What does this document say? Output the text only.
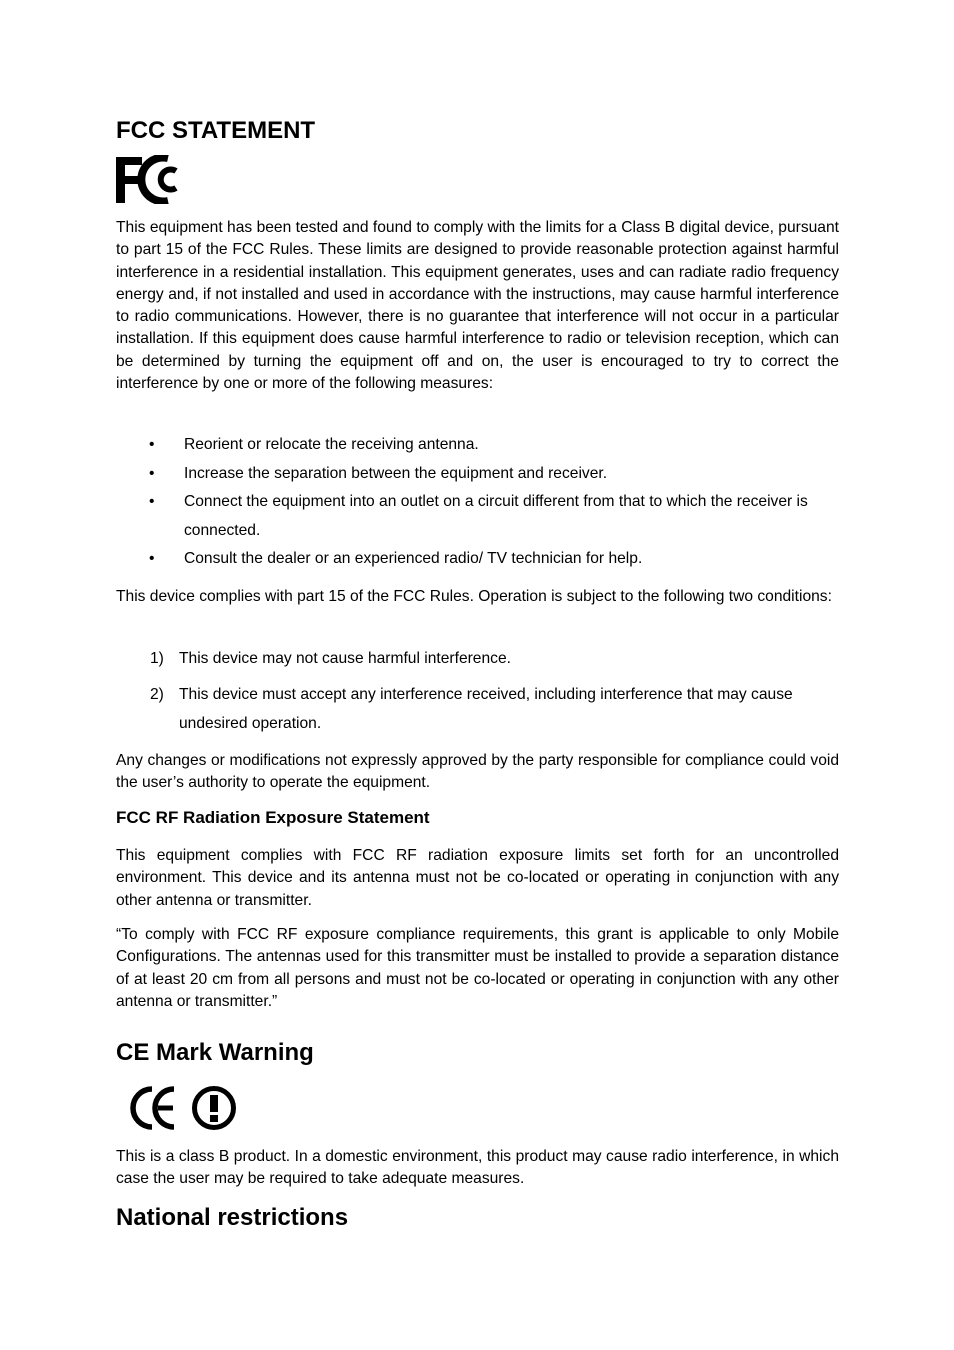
FCC STATEMENT

This equipment has been tested and found to comply with the limits for a Class B digital device, pursuant to part 15 of the FCC Rules. These limits are designed to provide reasonable protection against harmful interference in a residential installation. This equipment generates, uses and can radiate radio frequency energy and, if not installed and used in accordance with the instructions, may cause harmful interference to radio communications. However, there is no guarantee that interference will not occur in a particular installation. If this equipment does cause harmful interference to radio or television reception, which can be determined by turning the equipment off and on, the user is encouraged to try to correct the interference by one or more of the following measures:

• Reorient or relocate the receiving antenna.
• Increase the separation between the equipment and receiver.
• Connect the equipment into an outlet on a circuit different from that to which the receiver is connected.
• Consult the dealer or an experienced radio/ TV technician for help.

This device complies with part 15 of the FCC Rules. Operation is subject to the following two conditions:

1) This device may not cause harmful interference.
2) This device must accept any interference received, including interference that may cause undesired operation.

Any changes or modifications not expressly approved by the party responsible for compliance could void the user’s authority to operate the equipment.

FCC RF Radiation Exposure Statement

This equipment complies with FCC RF radiation exposure limits set forth for an uncontrolled environment. This device and its antenna must not be co-located or operating in conjunction with any other antenna or transmitter.

“To comply with FCC RF exposure compliance requirements, this grant is applicable to only Mobile Configurations. The antennas used for this transmitter must be installed to provide a separation distance of at least 20 cm from all persons and must not be co-located or operating in conjunction with any other antenna or transmitter.”

CE Mark Warning

This is a class B product. In a domestic environment, this product may cause radio interference, in which case the user may be required to take adequate measures.

National restrictions
